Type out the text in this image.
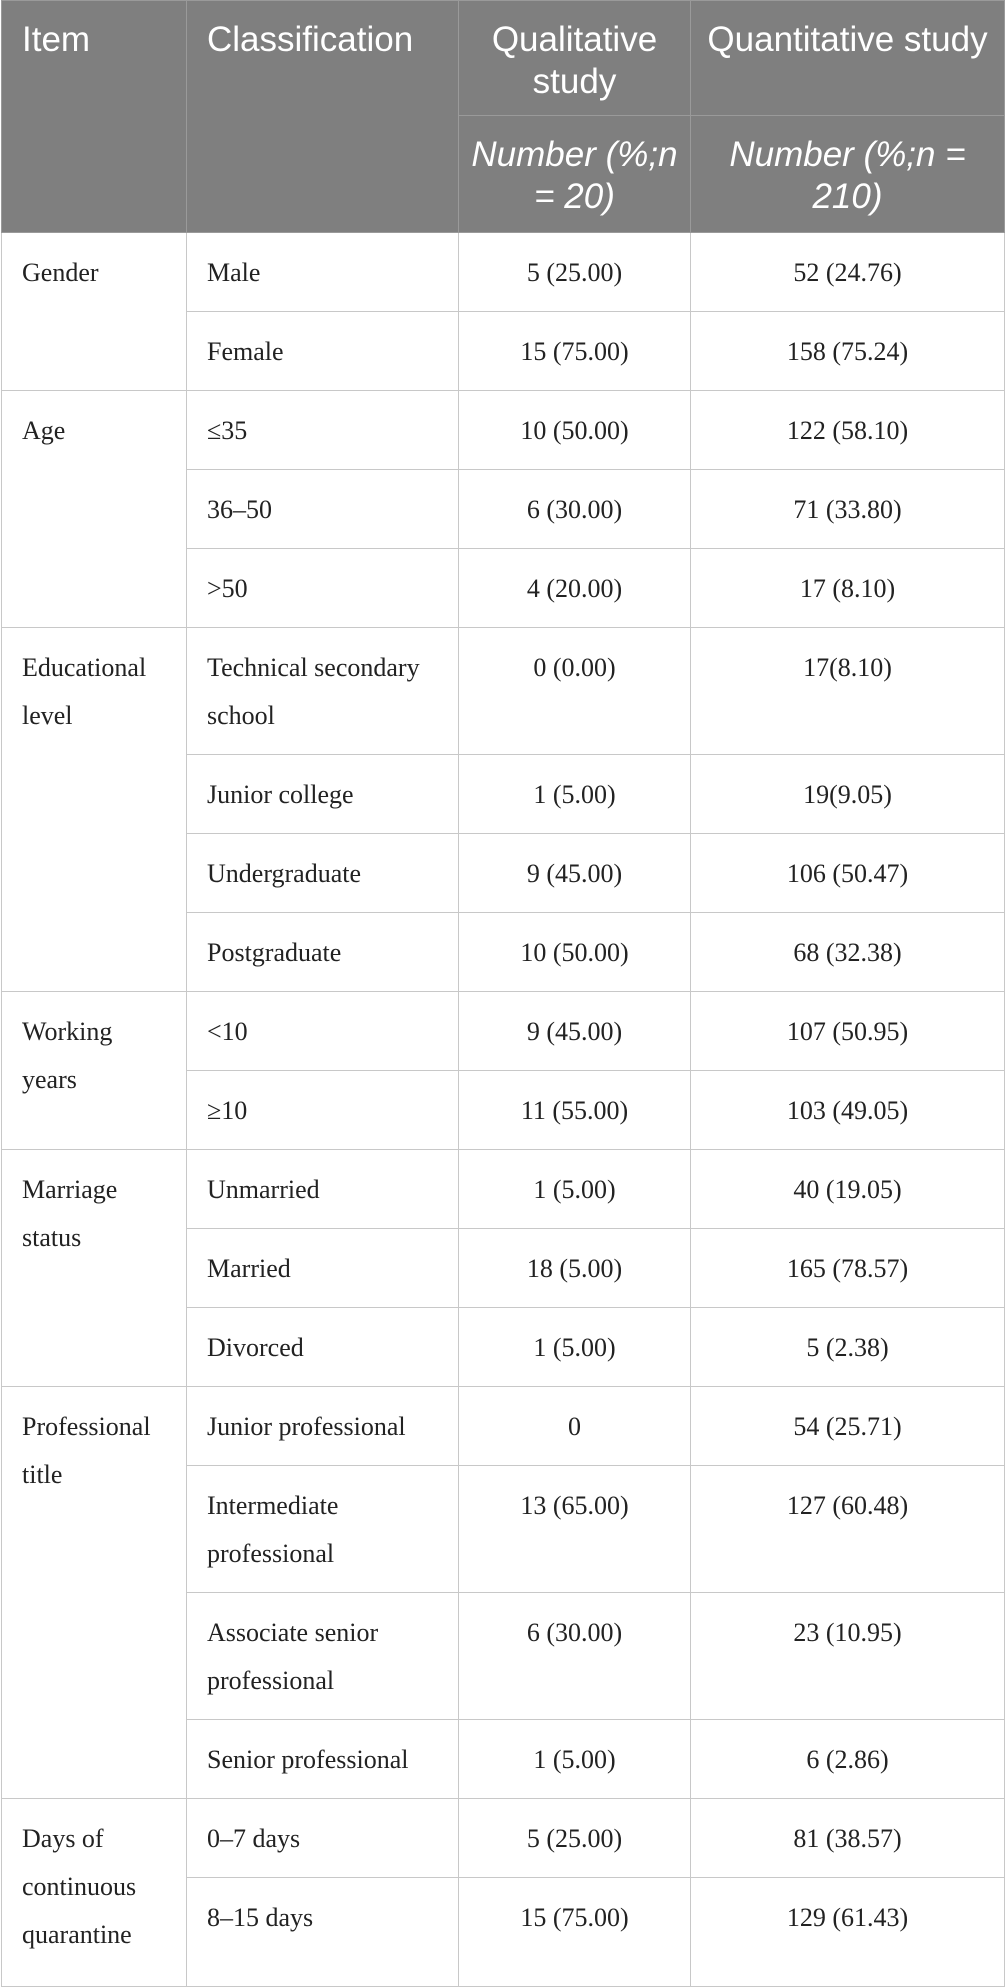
Item	Classification	Qualitative study	Quantitative study
		Number (%;n = 20)	Number (%;n = 210)
Gender	Male	5 (25.00)	52 (24.76)
	Female	15 (75.00)	158 (75.24)
Age	≤35	10 (50.00)	122 (58.10)
	36–50	6 (30.00)	71 (33.80)
	>50	4 (20.00)	17 (8.10)
Educational level	Technical secondary school	0 (0.00)	17(8.10)
	Junior college	1 (5.00)	19(9.05)
	Undergraduate	9 (45.00)	106 (50.47)
	Postgraduate	10 (50.00)	68 (32.38)
Working years	<10	9 (45.00)	107 (50.95)
	≥10	11 (55.00)	103 (49.05)
Marriage status	Unmarried	1 (5.00)	40 (19.05)
	Married	18 (5.00)	165 (78.57)
	Divorced	1 (5.00)	5 (2.38)
Professional title	Junior professional	0	54 (25.71)
	Intermediate professional	13 (65.00)	127 (60.48)
	Associate senior professional	6 (30.00)	23 (10.95)
	Senior professional	1 (5.00)	6 (2.86)
Days of continuous quarantine	0–7 days	5 (25.00)	81 (38.57)
	8–15 days	15 (75.00)	129 (61.43)
